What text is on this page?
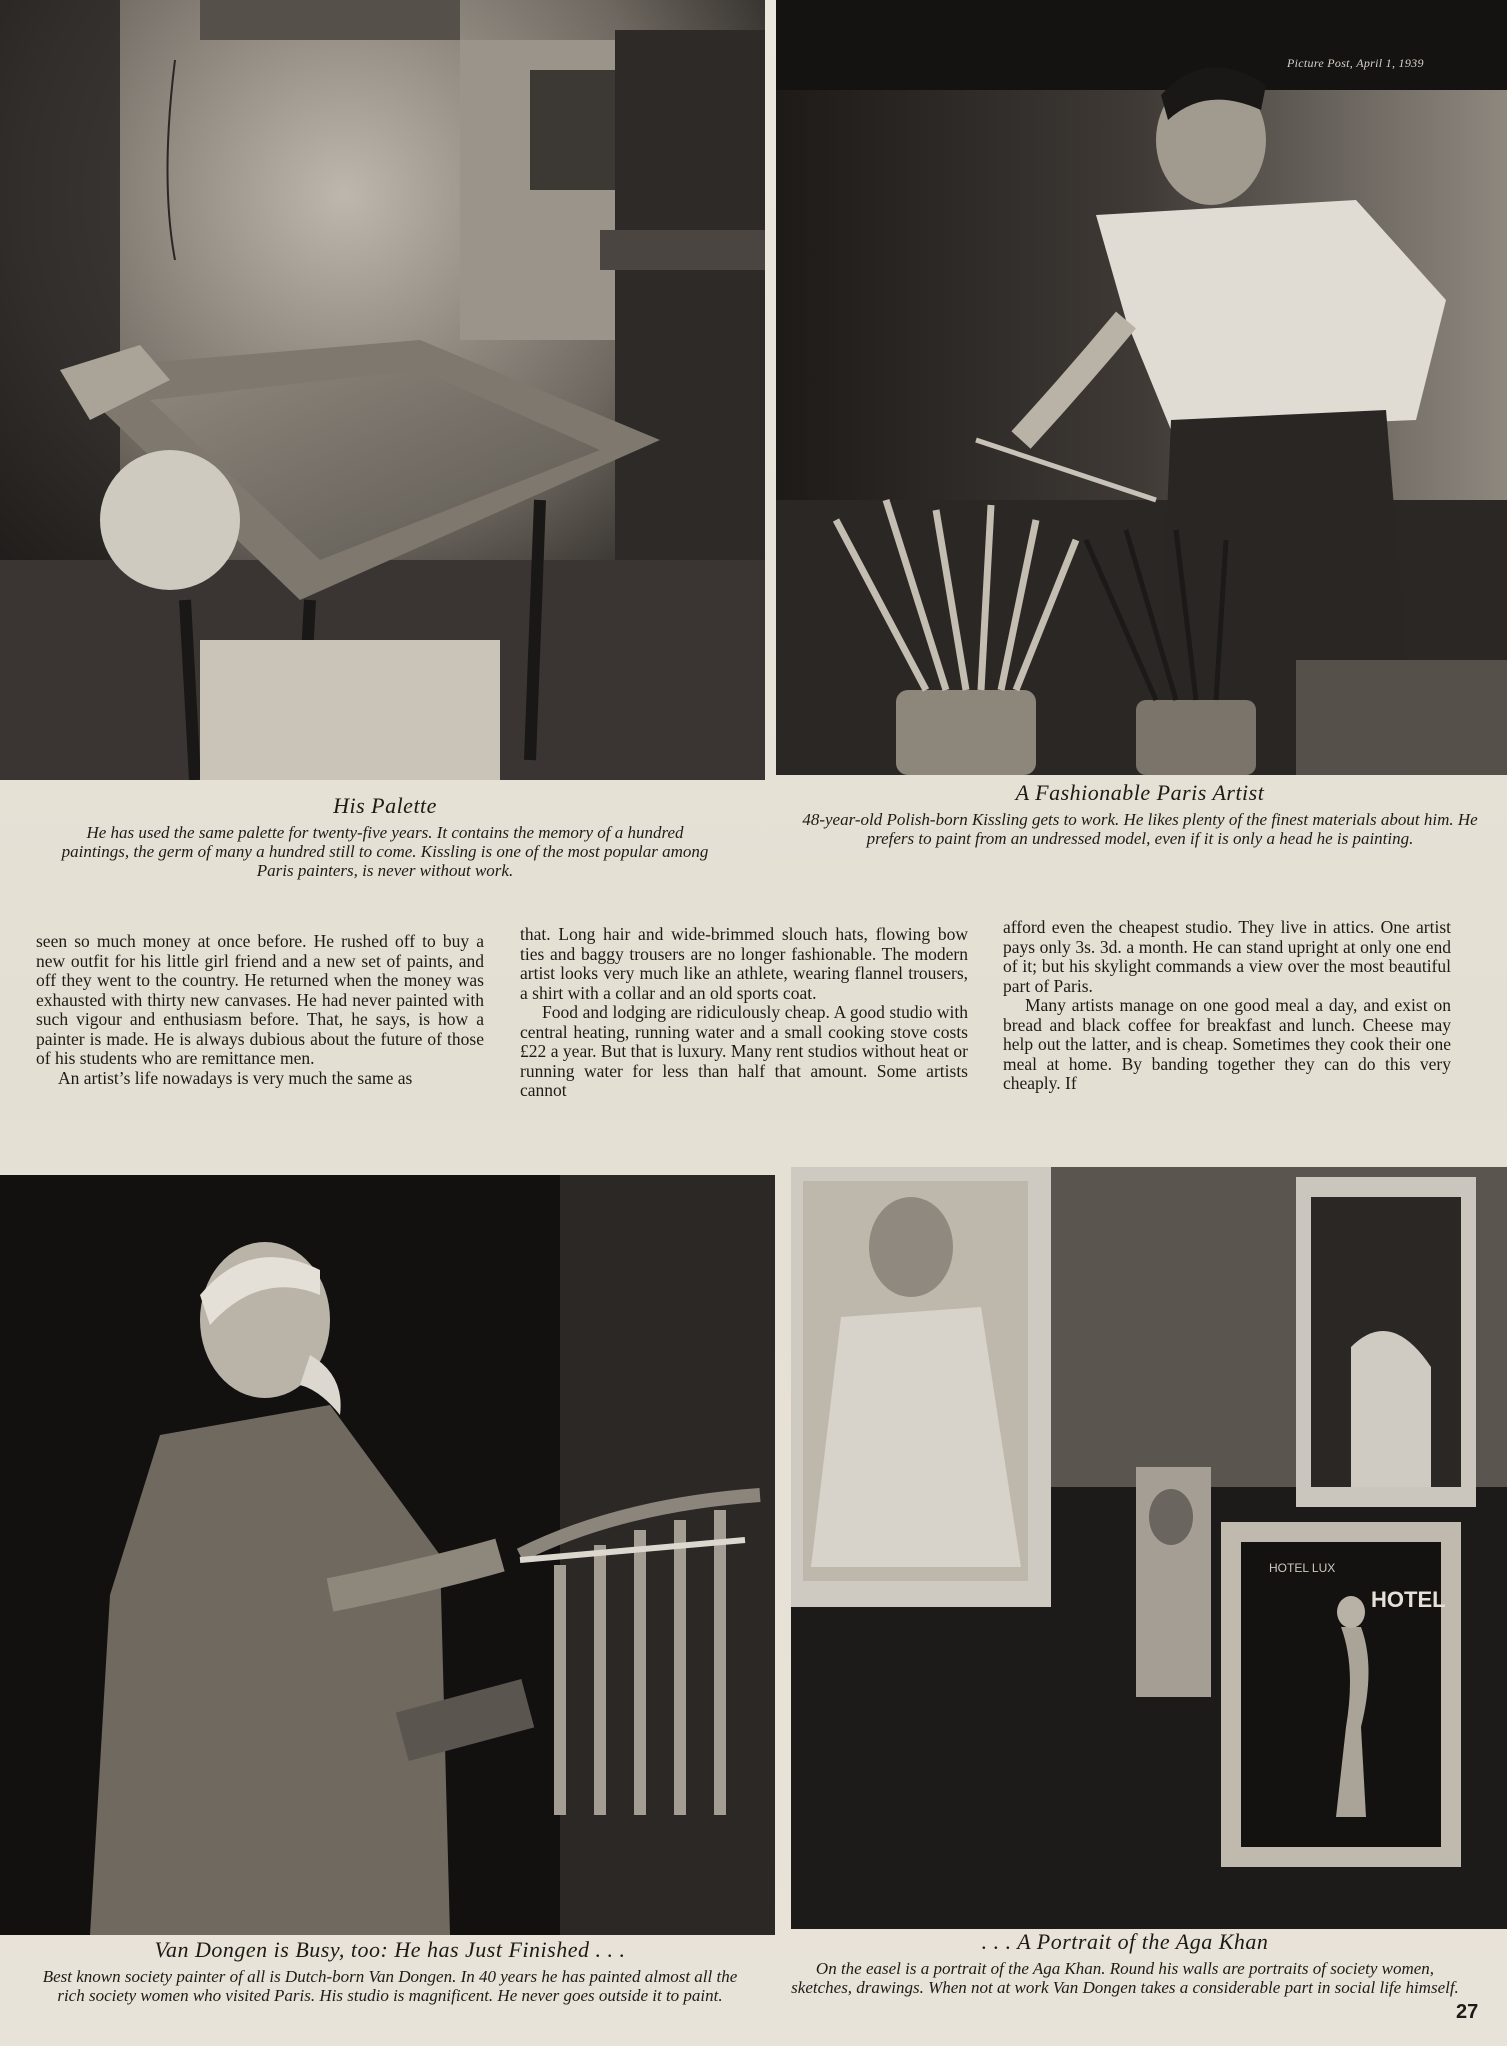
Picture Post, April 1, 1939
His Palette

He has used the same palette for twenty-five years. It contains the memory of a hundred paintings, the germ of many a hundred still to come. Kissling is one of the most popular among Paris painters, is never without work.

A Fashionable Paris Artist

48-year-old Polish-born Kissling gets to work. He likes plenty of the finest materials about him. He prefers to paint from an undressed model, even if it is only a head he is painting.

seen so much money at once before. He rushed off to buy a new outfit for his little girl friend and a new set of paints, and off they went to the country. He returned when the money was exhausted with thirty new canvases. He had never painted with such vigour and enthusiasm before. That, he says, is how a painter is made. He is always dubious about the future of those of his students who are remittance men.

An artist’s life nowadays is very much the same as

that. Long hair and wide-brimmed slouch hats, flowing bow ties and baggy trousers are no longer fashionable. The modern artist looks very much like an athlete, wearing flannel trousers, a shirt with a collar and an old sports coat.

Food and lodging are ridiculously cheap. A good studio with central heating, running water and a small cooking stove costs £22 a year. But that is luxury. Many rent studios without heat or running water for less than half that amount. Some artists cannot

afford even the cheapest studio. They live in attics. One artist pays only 3s. 3d. a month. He can stand upright at only one end of it; but his skylight commands a view over the most beautiful part of Paris.

Many artists manage on one good meal a day, and exist on bread and black coffee for breakfast and lunch. Cheese may help out the latter, and is cheap. Sometimes they cook their one meal at home. By banding together they can do this very cheaply. If

HOTEL LUX
HOTEL
Van Dongen is Busy, too: He has Just Finished . . .

Best known society painter of all is Dutch-born Van Dongen. In 40 years he has painted almost all the rich society women who visited Paris. His studio is magnificent. He never goes outside it to paint.

. . . A Portrait of the Aga Khan

On the easel is a portrait of the Aga Khan. Round his walls are portraits of society women, sketches, drawings. When not at work Van Dongen takes a considerable part in social life himself.

27
